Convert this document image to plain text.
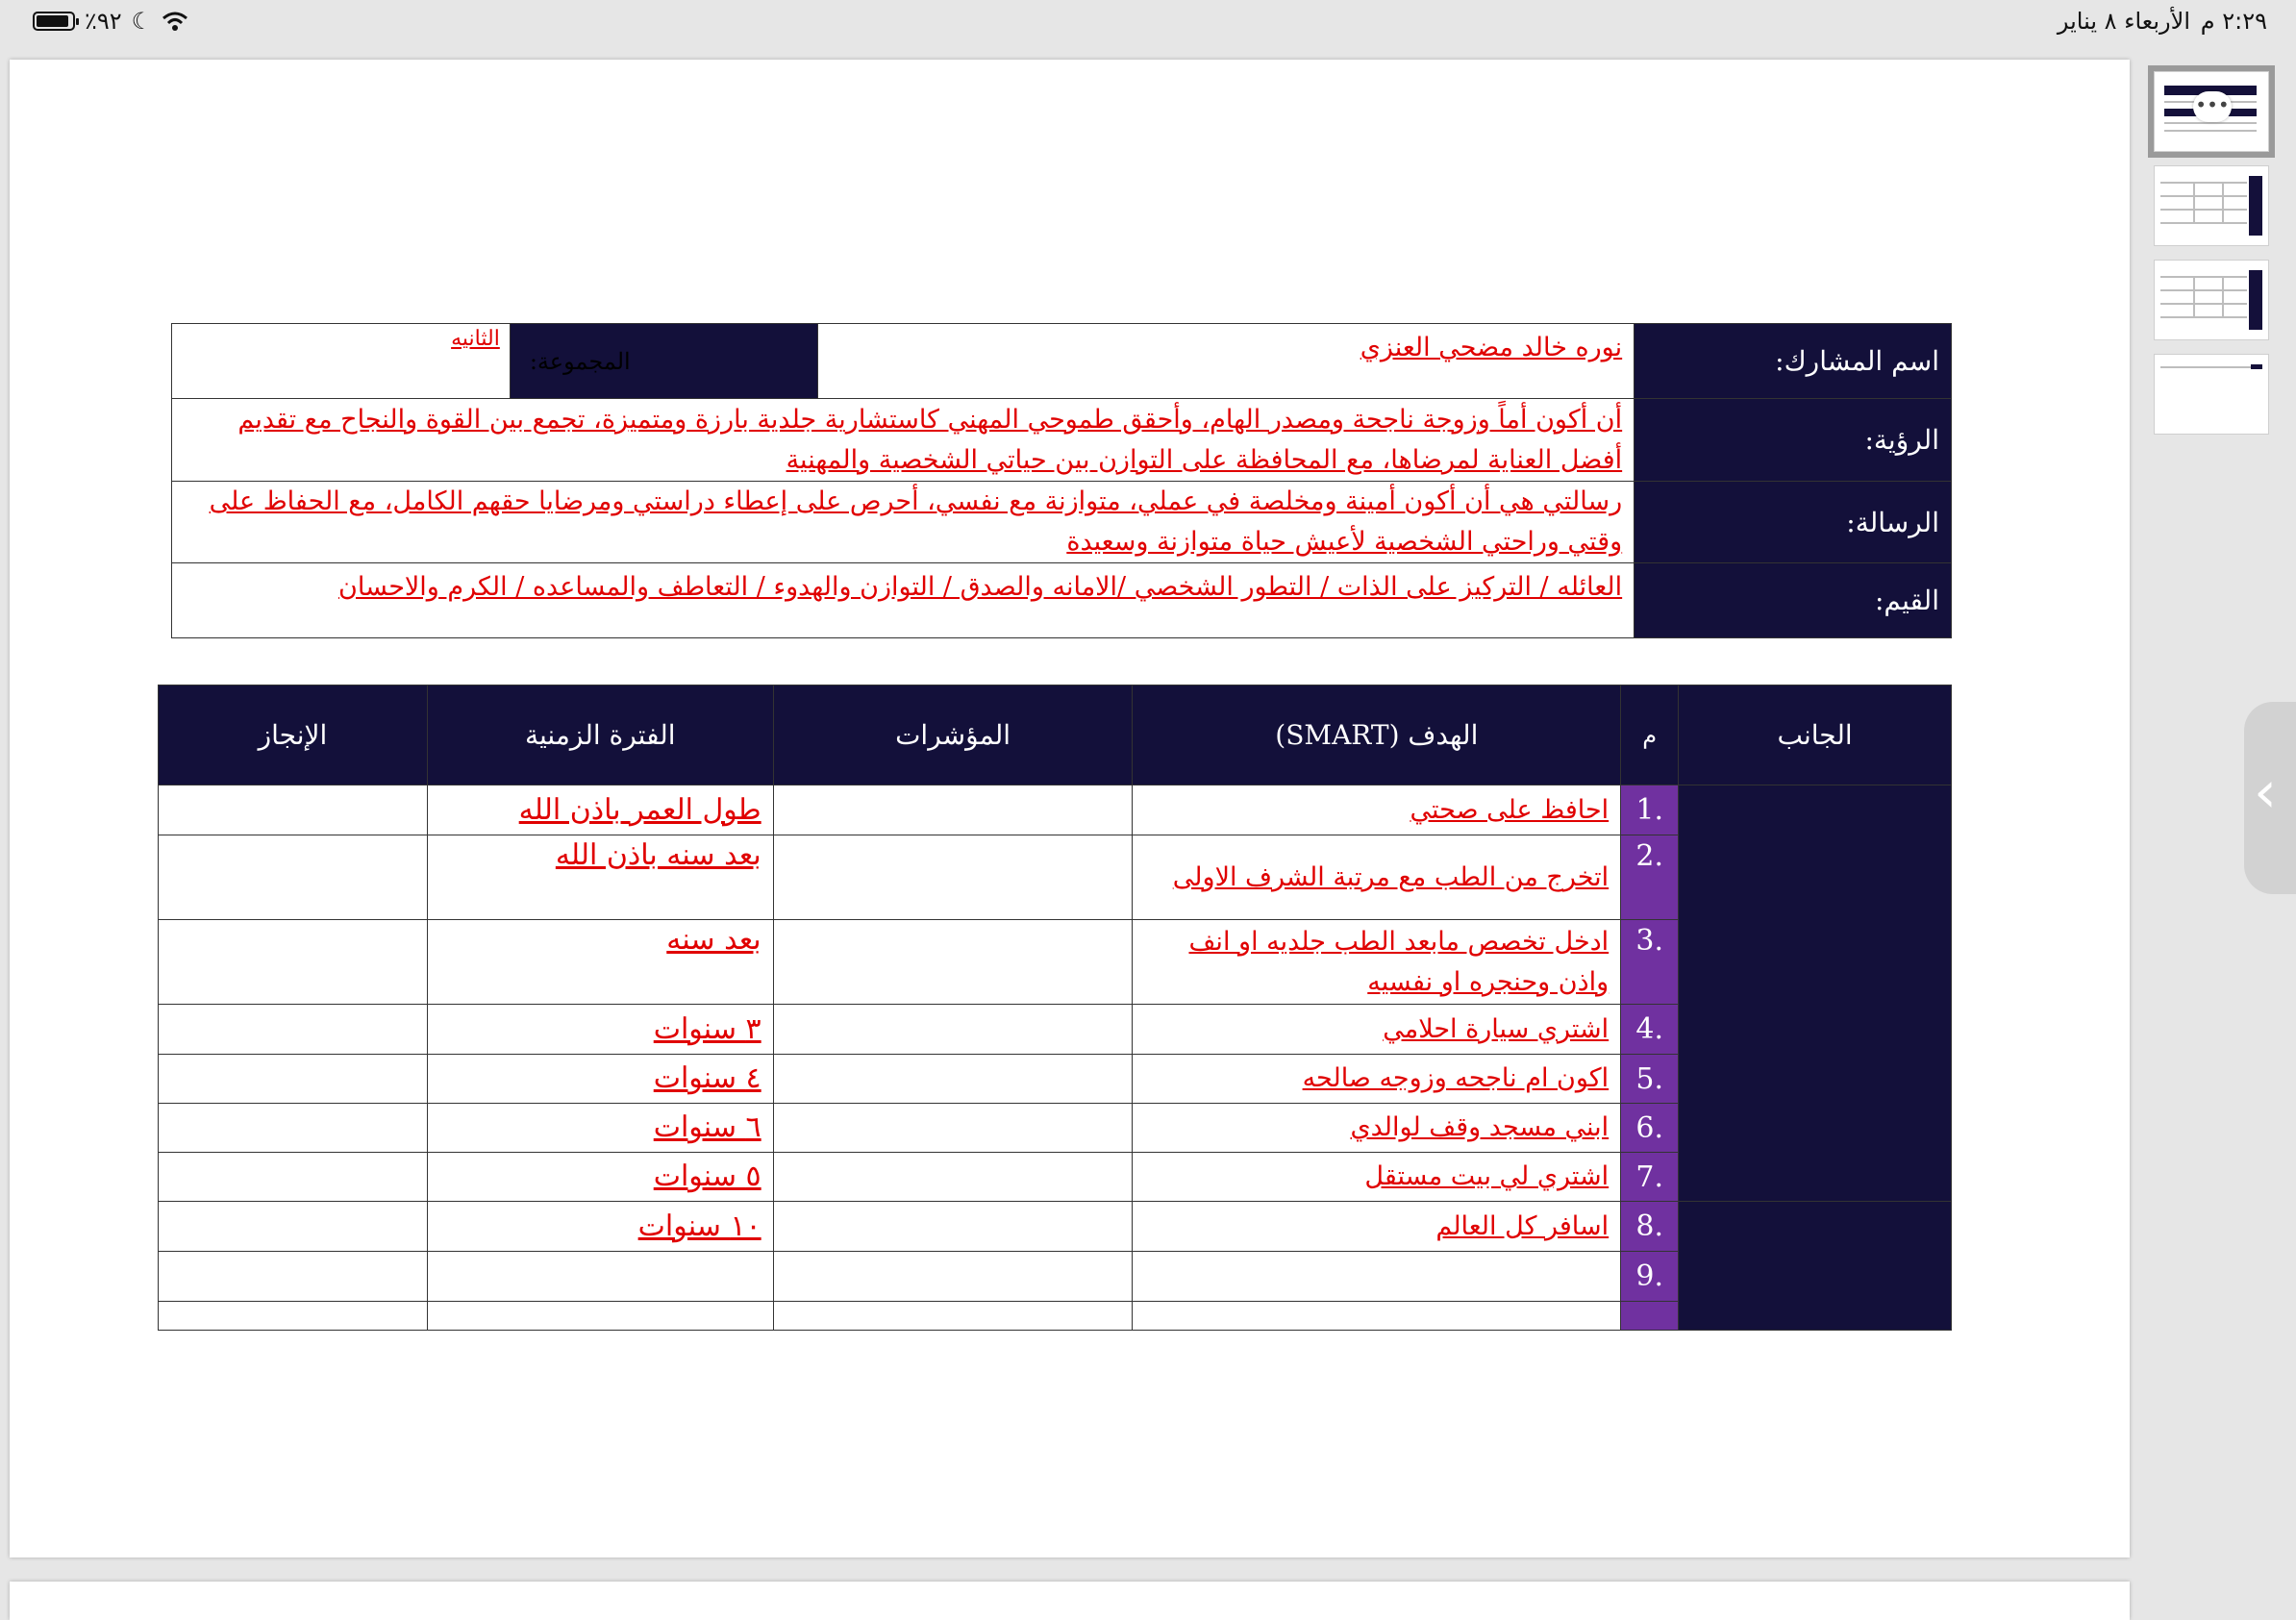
٢:٢٩ م
الأربعاء ٨ يناير
٪٩٢ ☾
اسم المشارك:	نوره خالد مضحي العنزي	المجموعة:	الثانيه
الرؤية:	أن أكون أماً وزوجة ناجحة ومصدر الهام، وأحقق طموحي المهني كاستشارية جلدية بارزة ومتميزة، تجمع بين القوة والنجاح مع تقديم أفضل العناية لمرضاها، مع المحافظة على التوازن بين حياتي الشخصية والمهنية		
الرسالة:	رسالتي هي أن أكون أمينة ومخلصة في عملي، متوازنة مع نفسي، أحرص على إعطاء دراستي ومرضايا حقهم الكامل، مع الحفاظ على وقتي وراحتي الشخصية لأعيش حياة متوازنة وسعيدة		
القيم:	العائله / التركيز على الذات / التطور الشخصي /الامانه والصدق / التوازن والهدوء / التعاطف والمساعده / الكرم والاحسان		
الجانب	م	الهدف (SMART)	المؤشرات	الفترة الزمنية	الإنجاز
	.1	احافظ على صحتي		طول العمر باذن الله	
	.2	اتخرج من الطب مع مرتبة الشرف الاولى		بعد سنه باذن الله	
	.3	ادخل تخصص مابعد الطب جلديه او انف واذن وحنجره او نفسيه		بعد سنه	
	.4	اشتري سيارة احلامي		٣ سنوات	
	.5	اكون ام ناجحه وزوجه صالحه		٤ سنوات	
	.6	ابني مسجد وقف لوالدي		٦ سنوات	
	.7	اشتري لي بيت مستقل		٥ سنوات	
	.8	اسافر كل العالم		١٠ سنوات	
	.9				

•••
‹
